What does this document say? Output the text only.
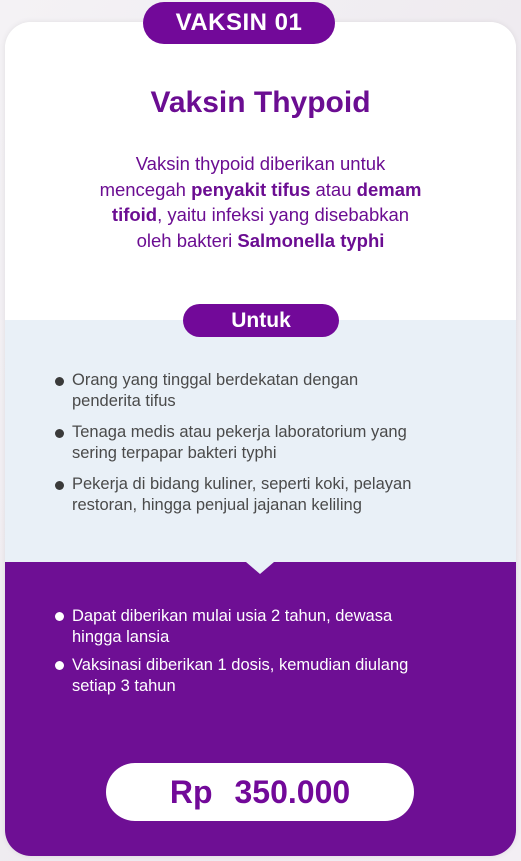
VAKSIN 01
Vaksin Thypoid
Vaksin thypoid diberikan untuk
mencegah penyakit tifus atau demam
tifoid, yaitu infeksi yang disebabkan
oleh bakteri Salmonella typhi
Untuk
Orang yang tinggal berdekatan dengan
penderita tifus
Tenaga medis atau pekerja laboratorium yang
sering terpapar bakteri typhi
Pekerja di bidang kuliner, seperti koki, pelayan
restoran, hingga penjual jajanan keliling
Dapat diberikan mulai usia 2 tahun, dewasa
hingga lansia
Vaksinasi diberikan 1 dosis, kemudian diulang
setiap 3 tahun
Rp 350.000
